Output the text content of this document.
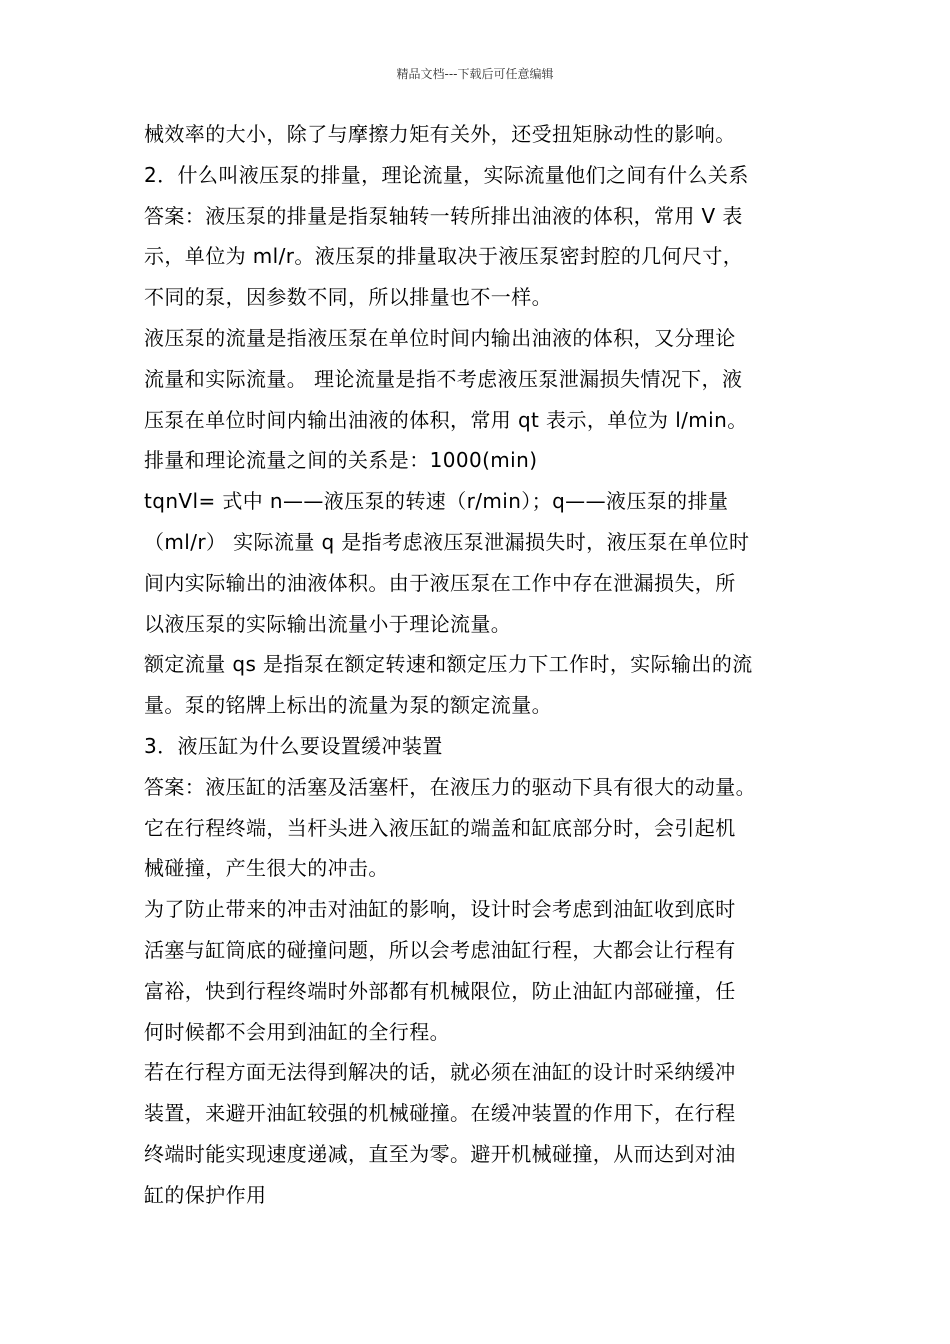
精品文档---下载后可任意编辑
械效率的大小，除了与摩擦力矩有关外，还受扭矩脉动性的影响。
2．什么叫液压泵的排量，理论流量，实际流量他们之间有什么关系
答案：液压泵的排量是指泵轴转一转所排出油液的体积，常用 V 表
示，单位为 ml/r。液压泵的排量取决于液压泵密封腔的几何尺寸，
不同的泵，因参数不同，所以排量也不一样。
液压泵的流量是指液压泵在单位时间内输出油液的体积，又分理论
流量和实际流量。 理论流量是指不考虑液压泵泄漏损失情况下，液
压泵在单位时间内输出油液的体积，常用 qt 表示，单位为 l/min。
排量和理论流量之间的关系是：1000(min)
tqnVl= 式中 n——液压泵的转速（r/min）；q——液压泵的排量
（ml/r） 实际流量 q 是指考虑液压泵泄漏损失时，液压泵在单位时
间内实际输出的油液体积。由于液压泵在工作中存在泄漏损失，所
以液压泵的实际输出流量小于理论流量。
额定流量 qs 是指泵在额定转速和额定压力下工作时，实际输出的流
量。泵的铭牌上标出的流量为泵的额定流量。
3．液压缸为什么要设置缓冲装置
答案：液压缸的活塞及活塞杆，在液压力的驱动下具有很大的动量。
它在行程终端，当杆头进入液压缸的端盖和缸底部分时，会引起机
械碰撞，产生很大的冲击。
为了防止带来的冲击对油缸的影响，设计时会考虑到油缸收到底时
活塞与缸筒底的碰撞问题，所以会考虑油缸行程，大都会让行程有
富裕，快到行程终端时外部都有机械限位，防止油缸内部碰撞，任
何时候都不会用到油缸的全行程。
若在行程方面无法得到解决的话，就必须在油缸的设计时采纳缓冲
装置，来避开油缸较强的机械碰撞。在缓冲装置的作用下，在行程
终端时能实现速度递减，直至为零。避开机械碰撞，从而达到对油
缸的保护作用
